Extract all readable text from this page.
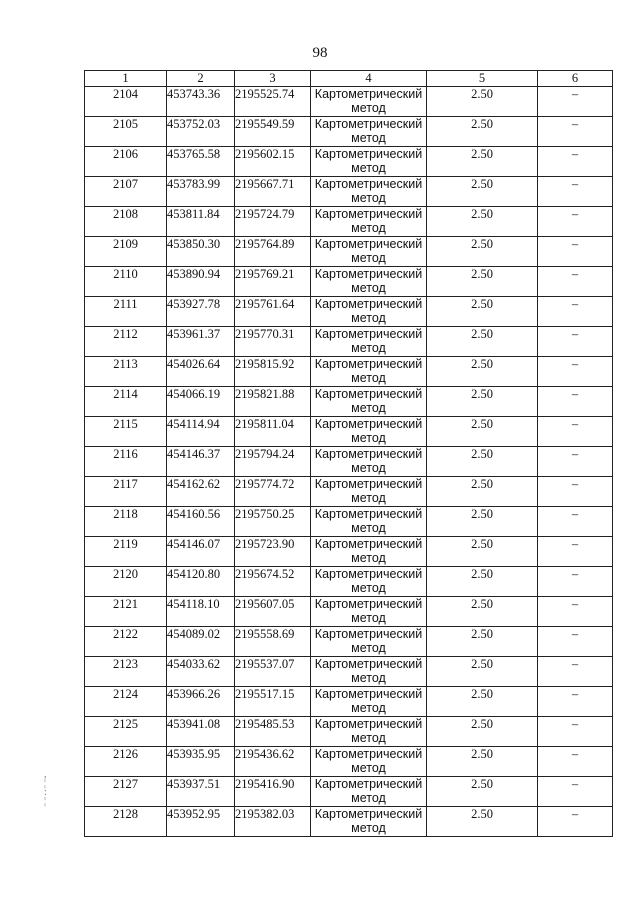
98
1	2	3	4	5	6
2104	453743.36	2195525.74	Картометрический метод	2.50	–
2105	453752.03	2195549.59	Картометрический метод	2.50	–
2106	453765.58	2195602.15	Картометрический метод	2.50	–
2107	453783.99	2195667.71	Картометрический метод	2.50	–
2108	453811.84	2195724.79	Картометрический метод	2.50	–
2109	453850.30	2195764.89	Картометрический метод	2.50	–
2110	453890.94	2195769.21	Картометрический метод	2.50	–
2111	453927.78	2195761.64	Картометрический метод	2.50	–
2112	453961.37	2195770.31	Картометрический метод	2.50	–
2113	454026.64	2195815.92	Картометрический метод	2.50	–
2114	454066.19	2195821.88	Картометрический метод	2.50	–
2115	454114.94	2195811.04	Картометрический метод	2.50	–
2116	454146.37	2195794.24	Картометрический метод	2.50	–
2117	454162.62	2195774.72	Картометрический метод	2.50	–
2118	454160.56	2195750.25	Картометрический метод	2.50	–
2119	454146.07	2195723.90	Картометрический метод	2.50	–
2120	454120.80	2195674.52	Картометрический метод	2.50	–
2121	454118.10	2195607.05	Картометрический метод	2.50	–
2122	454089.02	2195558.69	Картометрический метод	2.50	–
2123	454033.62	2195537.07	Картометрический метод	2.50	–
2124	453966.26	2195517.15	Картометрический метод	2.50	–
2125	453941.08	2195485.53	Картометрический метод	2.50	–
2126	453935.95	2195436.62	Картометрический метод	2.50	–
2127	453937.51	2195416.90	Картометрический метод	2.50	–
2128	453952.95	2195382.03	Картометрический метод	2.50	–
,
¦
:
¦
